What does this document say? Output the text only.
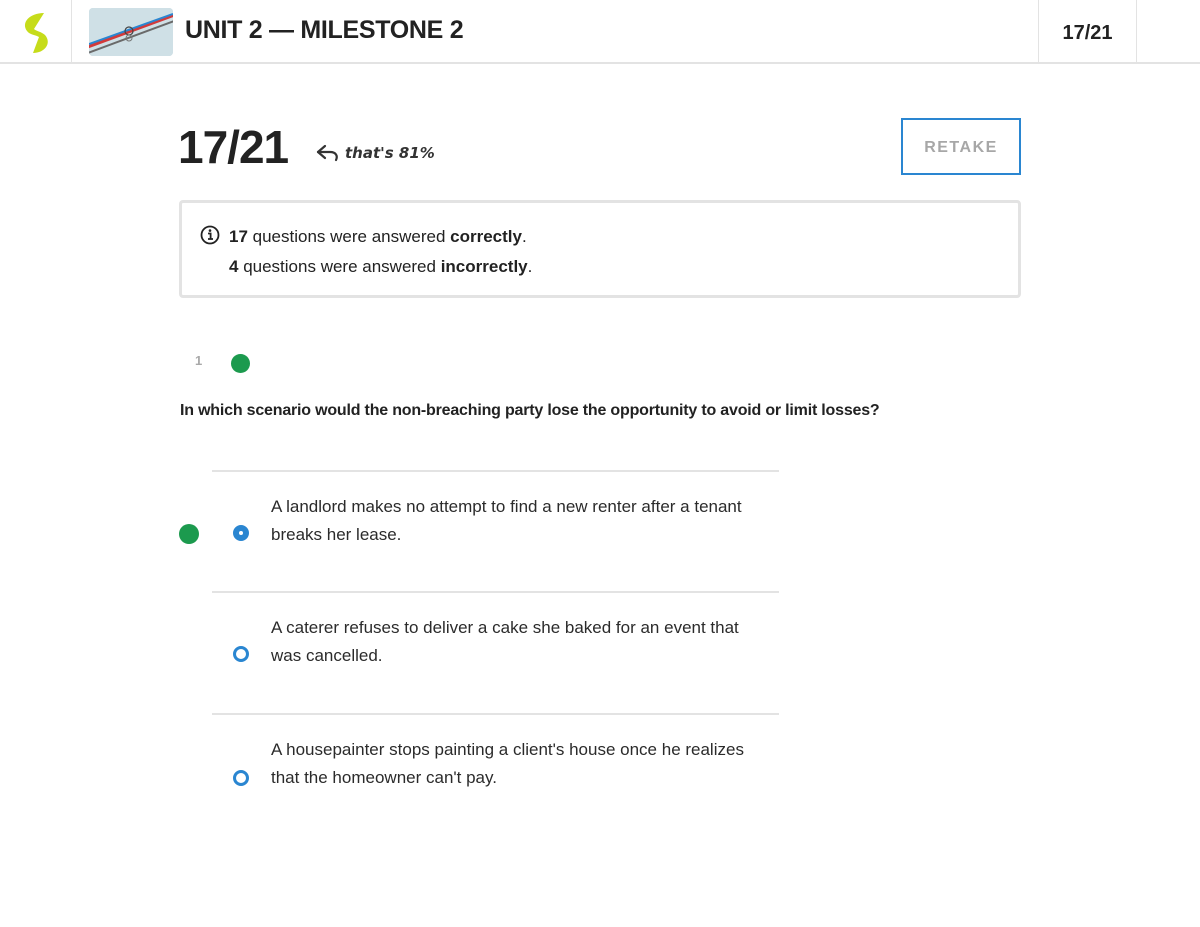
UNIT 2 — MILESTONE 2	17/21
17/21	that's 81%	RETAKE
17 questions were answered correctly.
4 questions were answered incorrectly.
1
In which scenario would the non-breaching party lose the opportunity to avoid or limit losses?
A landlord makes no attempt to find a new renter after a tenant breaks her lease.
A caterer refuses to deliver a cake she baked for an event that was cancelled.
A housepainter stops painting a client's house once he realizes that the homeowner can't pay.
